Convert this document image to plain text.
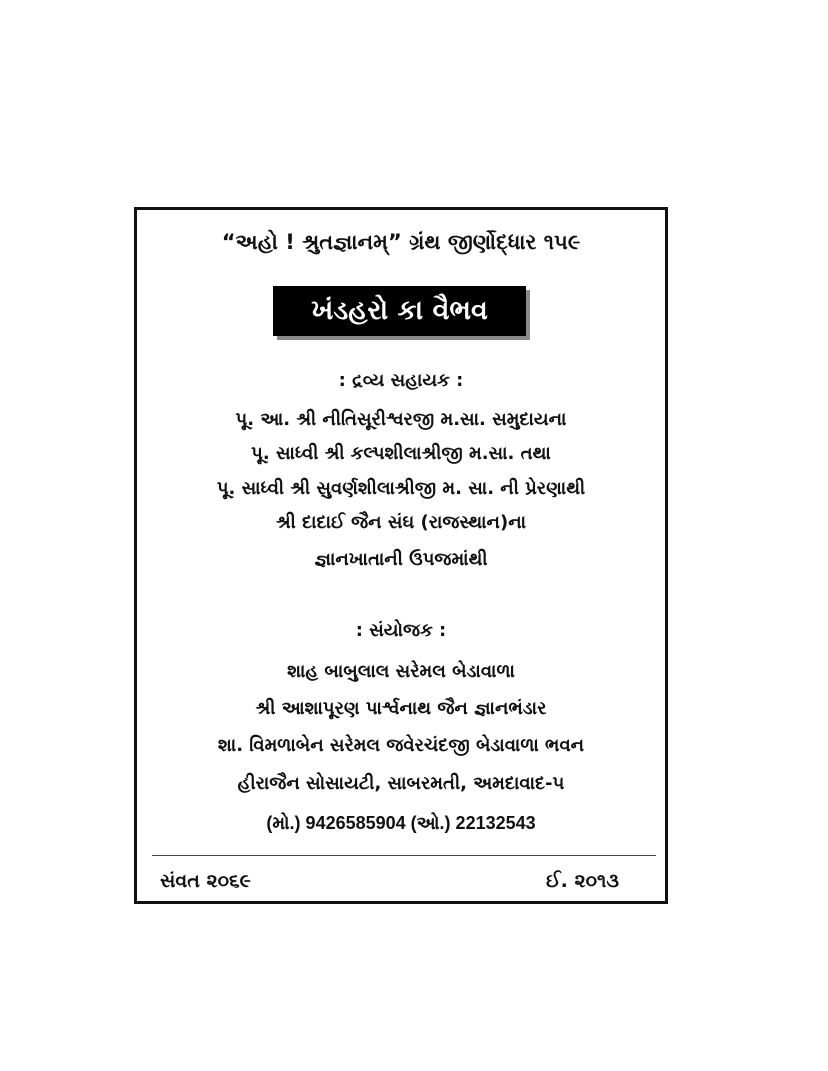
“અહો ! શ્રુતજ્ઞાનમ્” ગ્રંથ જીર્ણોદ્ધાર ૧૫૯
ખંડહરો કા વૈભવ
: દ્રવ્ય સહાયક :
પૂ. આ. શ્રી નીતિસૂરીશ્વરજી મ.સા. સમુદાયના
પૂ. સાધ્વી શ્રી કલ્પશીલાશ્રીજી મ.સા. તથા
પૂ. સાધ્વી શ્રી સુવર્ણશીલાશ્રીજી મ. સા. ની પ્રેરણાથી
શ્રી દાદાઈ જૈન સંઘ (રાજસ્થાન)ના
જ્ઞાનખાતાની ઉપજમાંથી
: સંયોજક :
શાહ બાબુલાલ સરેમલ બેડાવાળા
શ્રી આશાપૂરણ પાર્શ્વનાથ જૈન જ્ઞાનભંડાર
શા. વિમળાબેન સરેમલ જવેરચંદજી બેડાવાળા ભવન
હીરાજૈન સોસાયટી, સાબરમતી, અમદાવાદ-૫
(મો.) 9426585904 (ઓ.) 22132543
સંવત ૨૦૬૯	ઈ. ૨૦૧૩
